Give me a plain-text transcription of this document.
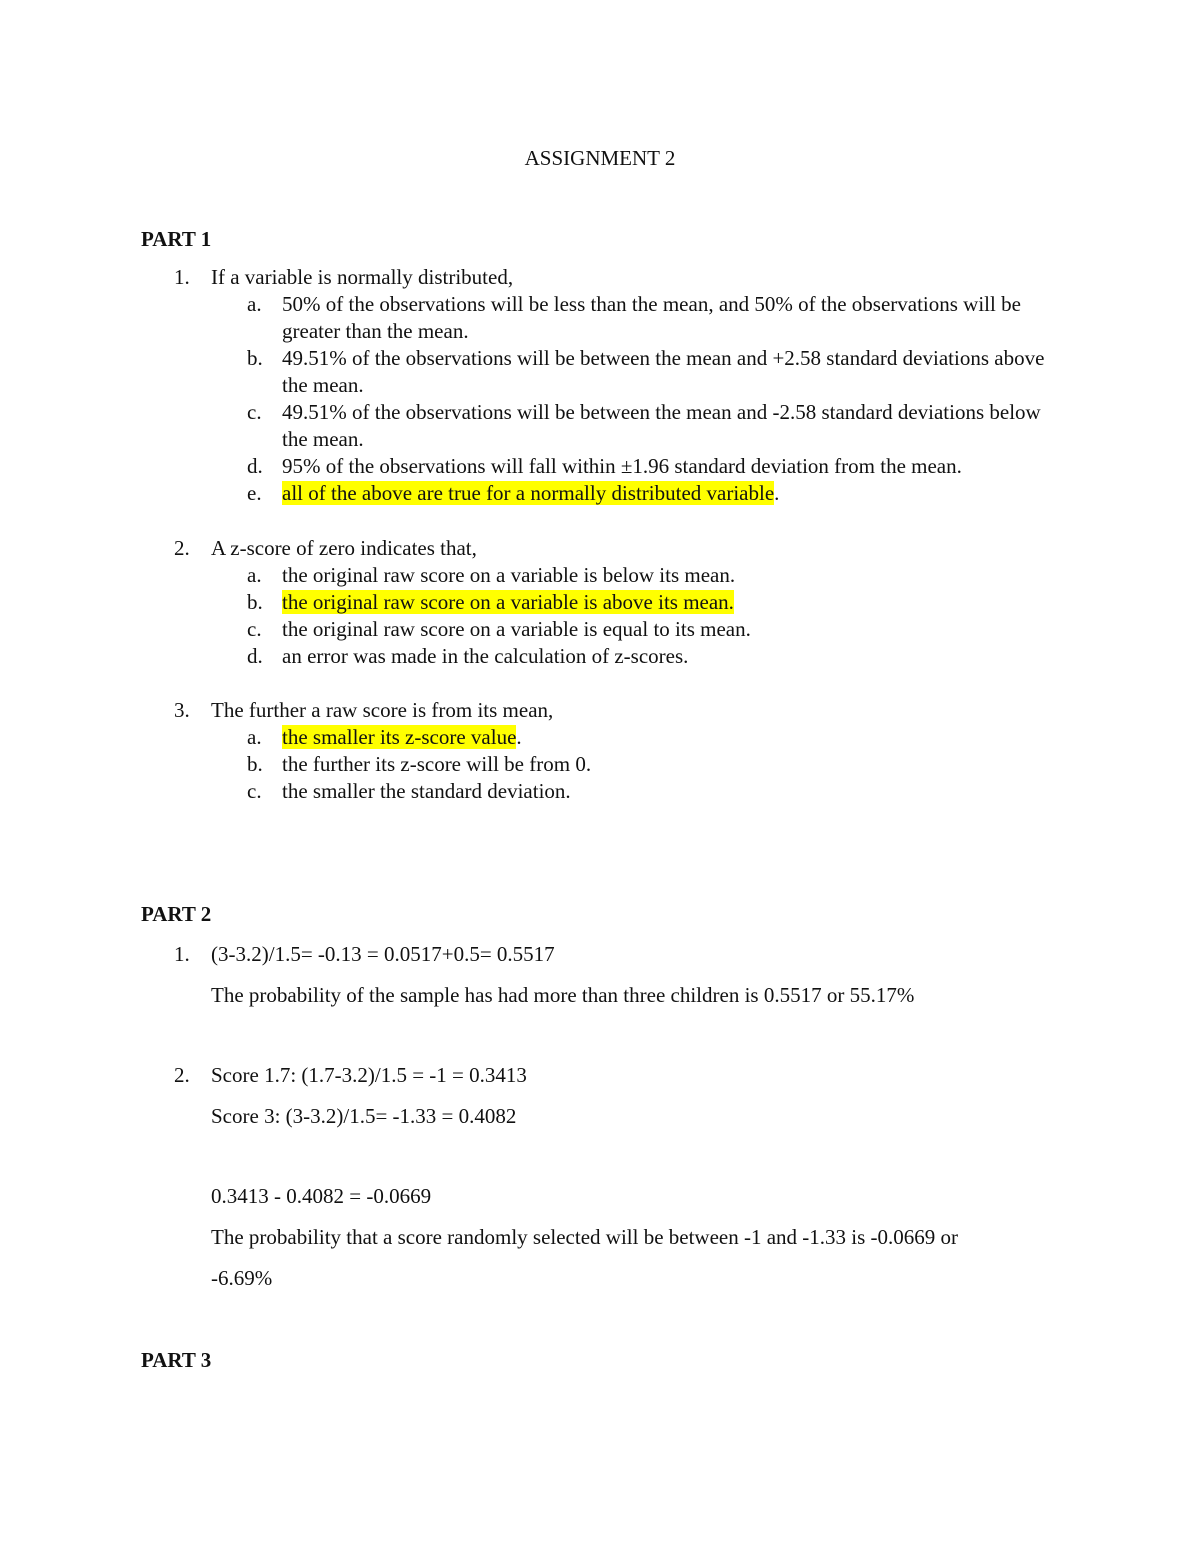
ASSIGNMENT 2
PART 1
1. If a variable is normally distributed,
a. 50% of the observations will be less than the mean, and 50% of the observations will be greater than the mean.
b. 49.51% of the observations will be between the mean and +2.58 standard deviations above the mean.
c. 49.51% of the observations will be between the mean and -2.58 standard deviations below the mean.
d. 95% of the observations will fall within ±1.96 standard deviation from the mean.
e. all of the above are true for a normally distributed variable.
2. A z-score of zero indicates that,
a. the original raw score on a variable is below its mean.
b. the original raw score on a variable is above its mean.
c. the original raw score on a variable is equal to its mean.
d. an error was made in the calculation of z-scores.
3. The further a raw score is from its mean,
a. the smaller its z-score value.
b. the further its z-score will be from 0.
c. the smaller the standard deviation.
PART 2
1. (3-3.2)/1.5= -0.13 = 0.0517+0.5= 0.5517
The probability of the sample has had more than three children is 0.5517 or 55.17%
2. Score 1.7: (1.7-3.2)/1.5 = -1 = 0.3413
Score 3: (3-3.2)/1.5= -1.33 = 0.4082
0.3413 - 0.4082 = -0.0669
The probability that a score randomly selected will be between -1 and -1.33 is -0.0669 or
-6.69%
PART 3
